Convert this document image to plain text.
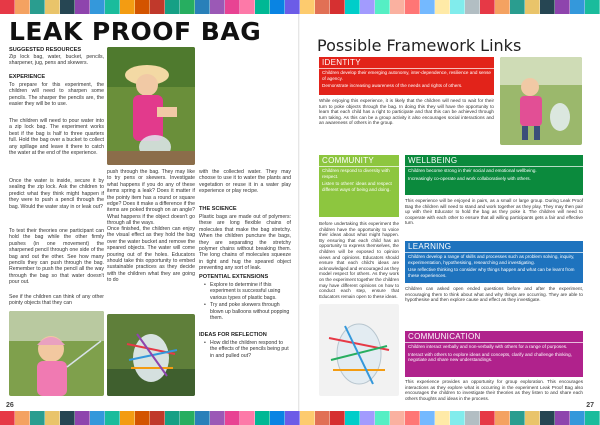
LEAK PROOF BAG
SUGGESTED RESOURCES
Zip lock bag, water, bucket, pencils, sharpener, jug, pens and skewers.
EXPERIENCE
To prepare for this experiment, the children will need to sharpen some pencils. The sharper the pencils are, the easier they will be to use.
The children will need to pour water into a zip lock bag. The experiment works best if the bag is half to three quarters full. Hold the bag over a bucket to collect any spillage and leave it there to catch the water at the end of the experience.
Once the water is inside, secure it by sealing the zip lock. Ask the children to predict what they think might happen if they were to push a pencil through the bag. Would the water stay in or leak out?
To test their theories one participant can hold the bag while the other firmly pushes (in one movement) the sharpened pencil through one side of the bag and out the other. See how many pencils they can push through the bag. Remember to push the pencil all the way through the bag so that water doesn't pour out.
See if the children can think of any other pointy objects that they can
push through the bag. They may like to try pens or skewers. Investigate what happens if you do any of these items spring a leak? Does it matter if the pointy item has a round or square edge? Does it make a difference if the items are poked through on an angle? What happens if the object doesn't go through all the ways.
Once finished, the children can enjoy the visual effect as they hold the bag over the water bucket and remove the speared objects. The water will come pouring out of the holes. Educators should take this opportunity to embed sustainable practices as they decide with the children what they are going to do
with the collected water. They may choose to use it to water the plants and vegetation or reuse it in a water play experience or play recipe.
THE SCIENCE
Plastic bags are made out of polymers: these are long flexible chains of molecules that make the bag stretchy. When the children puncture the bags, they are separating the stretchy polymer chains without breaking them. The long chains of molecules squeeze in tight and hug the speared object preventing any sort of leak.
POTENTIAL EXTENSIONS
• Explore to determine if this experiment is successful using various types of plastic bags.
• Try and poke skewers through blown up balloons without popping them.
IDEAS FOR REFLECTION
• How did the children respond to the effects of the pencils being put in and pulled out?
26
Possible Framework Links
IDENTITY
Children develop their emerging autonomy, inter-dependence, resilience and sense of agency.
Demonstrate increasing awareness of the needs and rights of others.
While enjoying this experience, it is likely that the children will need to wait for their turn to poke objects through the bag. In doing this they will have the opportunity to learn that each child has a right to participate and that this can be achieved through turn taking. As this can be a group activity it also encourages social interactions and an awareness of others in the group.
COMMUNITY
Children respond to diversity with respect.
Listen to others' ideas and respect different ways of being and doing.
Before undertaking this experiment the children have the opportunity to voice their ideas about what might happen. By ensuring that each child has an opportunity to express themselves, the children will be exposed to opinion views and opinions. Educators should ensure that each child's ideas are acknowledged and encouraged as they model respect for others. As they work on the experiment together the children may have different opinions on how to conduct each step, ensure that Educators remain open to these ideas.
WELLBEING
Children become strong in their social and emotional wellbeing.
Increasingly co-operate and work collaboratively with others.
This experience will be enjoyed in pairs, as a small or large group. During Leak Proof Bag the children will need to stand and work together as they play. They may then pair up with their Educator to hold the bag as they poke it. The children will need to cooperate with each other to ensure that all willing participants gets a fair and effective turn.
LEARNING
Children develop a range of skills and processes such as problem solving, inquiry, experimentation, hypothesising, researching and investigating.
Use reflective thinking to consider why things happen and what can be learnt from these experiences.
Children can asked open ended questions before and after the experiment, encouraging them to think about what and why things are occurring. They are able to hypothesise and then explore cause and effect as they investigate.
COMMUNICATION
Children interact verbally and non-verbally with others for a range of purposes.
Interact with others to explore ideas and concepts, clarify and challenge thinking, negotiate and share new understandings.
This experience provides an opportunity for group exploration. This encourages interactions as they explore what is occurring in the experiment Leak Proof Bag also encourages the children to investigate their theories as they listen to and share each others thoughts and ideas in the process.
27
